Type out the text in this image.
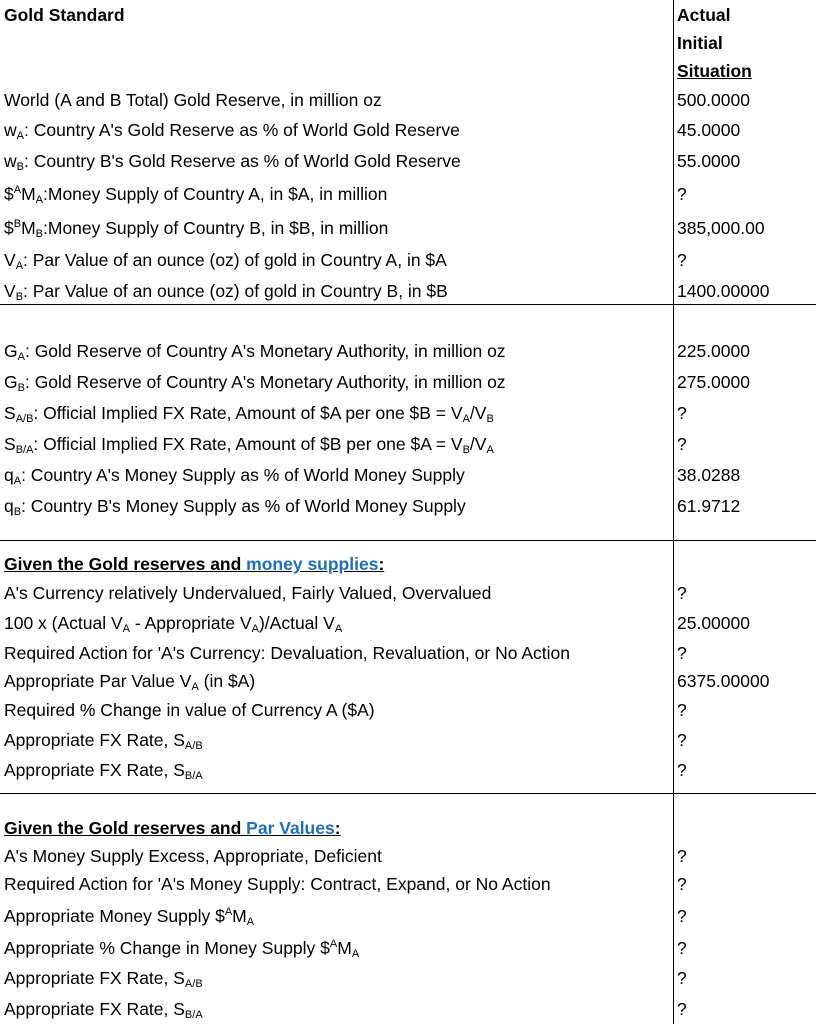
Gold Standard	Actual
Initial
Situation
World (A and B Total) Gold Reserve, in million oz	500.0000
$w_A$: Country A's Gold Reserve as % of World Gold Reserve	45.0000
$w_B$: Country B's Gold Reserve as % of World Gold Reserve	55.0000
$\$^AM_A:Money$ Supply of Country A, in $A, in million	?
$\$^BM_B:Money$ Supply of Country B, in $B, in million	385,000.00
$V_A$: Par Value of an ounce (oz) of gold in Country A, in $A	?
$V_B$: Par Value of an ounce (oz) of gold in Country B, in $B	1400.00000
$G_A$: Gold Reserve of Country A's Monetary Authority, in million oz	225.0000
$G_B$: Gold Reserve of Country A's Monetary Authority, in million oz	275.0000
$S_{A/B}$: Official Implied FX Rate, Amount of $A per one $B = $V_A/V_B$	?
$S_{B/A}$: Official Implied FX Rate, Amount of $B per one $A = $V_B/V_A$	?
$q_A$: Country A's Money Supply as % of World Money Supply	38.0288
$q_B$: Country B's Money Supply as % of World Money Supply	61.9712
Given the Gold reserves and money supplies:
A's Currency relatively Undervalued, Fairly Valued, Overvalued	?
100 x (Actual $V_A$ - Appropriate $V_A$)/Actual $V_A$	25.00000
Required Action for 'A's Currency: Devaluation, Revaluation, or No Action	?
Appropriate Par Value $V_A$ (in $A)	6375.00000
Required % Change in value of Currency A ($A)	?
Appropriate FX Rate, $S_{A/B}$	?
Appropriate FX Rate, $S_{B/A}$	?
Given the Gold reserves and Par Values:
A's Money Supply Excess, Appropriate, Deficient	?
Required Action for 'A's Money Supply: Contract, Expand, or No Action	?
Appropriate Money Supply $\$^AM_A$	?
Appropriate % Change in Money Supply $\$^AM_A$	?
Appropriate FX Rate, $S_{A/B}$	?
Appropriate FX Rate, $S_{B/A}$	?
